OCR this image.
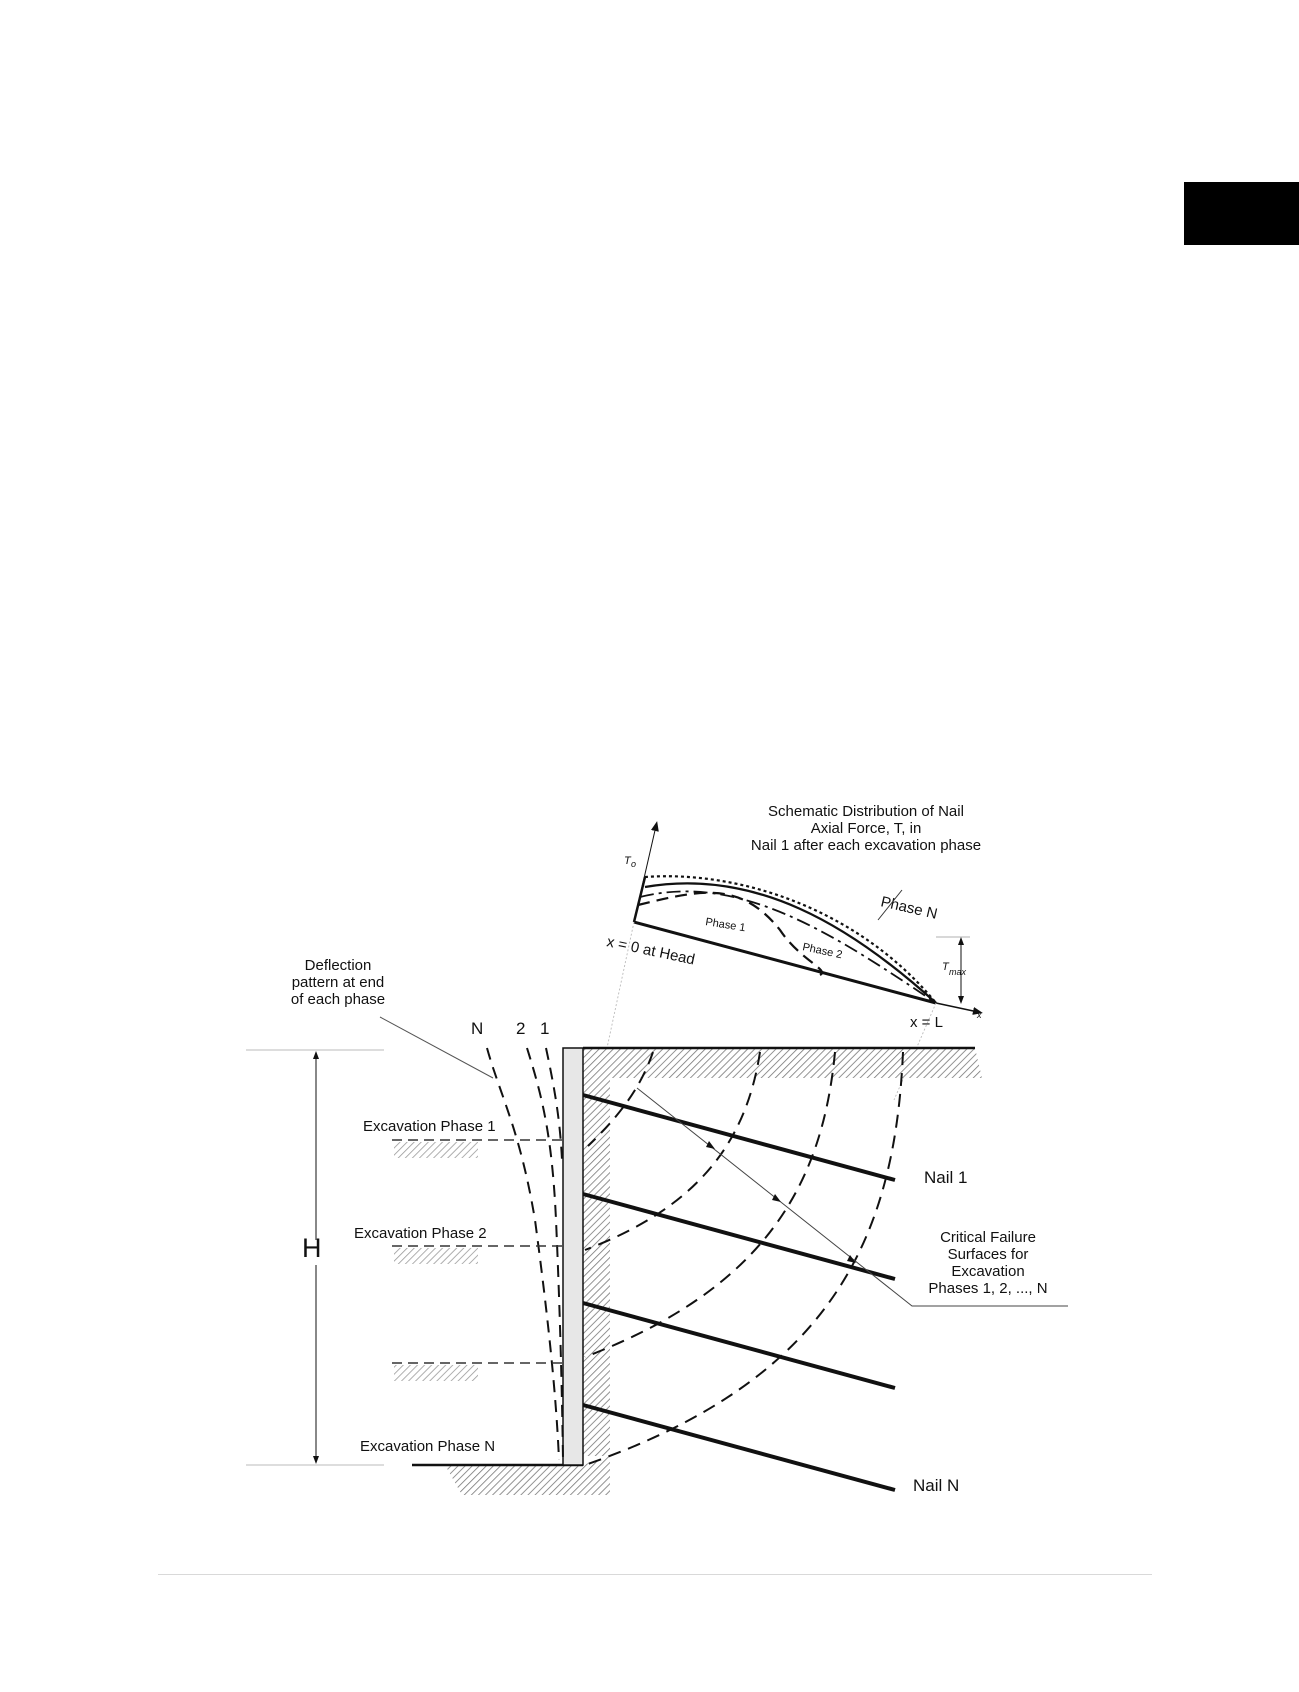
Schematic Distribution of Nail
Axial Force, T, in
Nail 1 after each excavation phase
T o
Phase 1
Phase 2
Phase N
T max
x
x = 0 at Head
x = L
Nail 1
Nail N
Critical Failure
Surfaces for
Excavation
Phases 1, 2, ..., N
N 2 1
Deflection
pattern at end
of each phase
H
Excavation Phase 1
Excavation Phase 2
Excavation Phase N
